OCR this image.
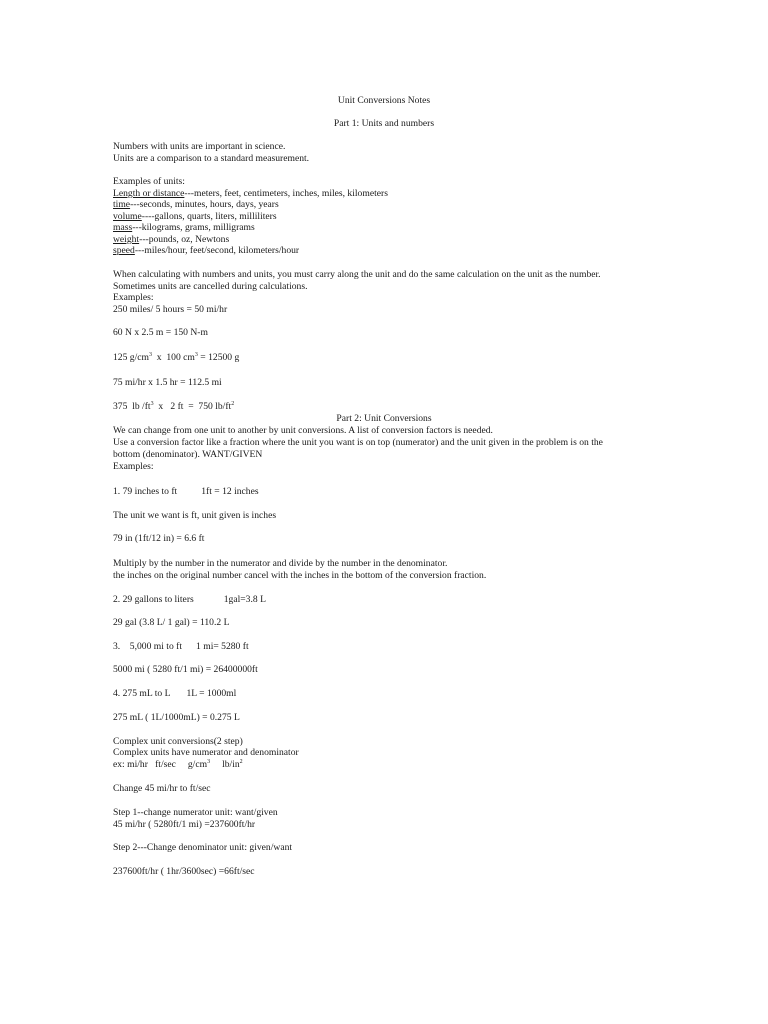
Unit Conversions Notes
Part 1: Units and numbers
Numbers with units are important in science.
Units are a comparison to a standard measurement.
Examples of units:
Length or distance---meters, feet, centimeters, inches, miles, kilometers
time---seconds, minutes, hours, days, years
volume----gallons, quarts, liters, milliliters
mass---kilograms, grams, milligrams
weight---pounds, oz, Newtons
speed---miles/hour, feet/second, kilometers/hour
When calculating with numbers and units, you must carry along the unit and do the same calculation on the unit as the number.
Sometimes units are cancelled during calculations.
Examples:
250 miles/ 5 hours = 50 mi/hr
60 N x 2.5 m = 150 N-m
125 $g/cm^3$  x  100 $cm^3 = 12500$ g
75 mi/hr x 1.5 hr = 112.5 mi
375  lb $/ft^3$  x   2 ft  =  750 $lb/ft^2$
Part 2: Unit Conversions
We can change from one unit to another by unit conversions. A list of conversion factors is needed.
Use a conversion factor like a fraction where the unit you want is on top (numerator) and the unit given in the problem is on the
bottom (denominator). WANT/GIVEN
Examples:
1. 79 inches to ft	1ft = 12 inches
The unit we want is ft, unit given is inches
79 in (1ft/12 in) = 6.6 ft
Multiply by the number in the numerator and divide by the number in the denominator.
the inches on the original number cancel with the inches in the bottom of the conversion fraction.
2. 29 gallons to liters	1gal=3.8 L
29 gal (3.8 L/ 1 gal) = 110.2 L
3.    5,000 mi to ft 1 mi= 5280 ft
5000 mi ( 5280 ft/1 mi) = 26400000ft
4. 275 mL to L 1L = 1000ml
275 mL ( 1L/1000mL) = 0.275 L
Complex unit conversions(2 step)
Complex units have numerator and denominator
ex: mi/hr   ft/sec $g/cm^3$ $lb/in^2$
Change 45 mi/hr to ft/sec
Step 1--change numerator unit: want/given
45 mi/hr ( 5280ft/1 mi) =237600ft/hr
Step 2---Change denominator unit: given/want
237600ft/hr ( 1hr/3600sec) =66ft/sec
